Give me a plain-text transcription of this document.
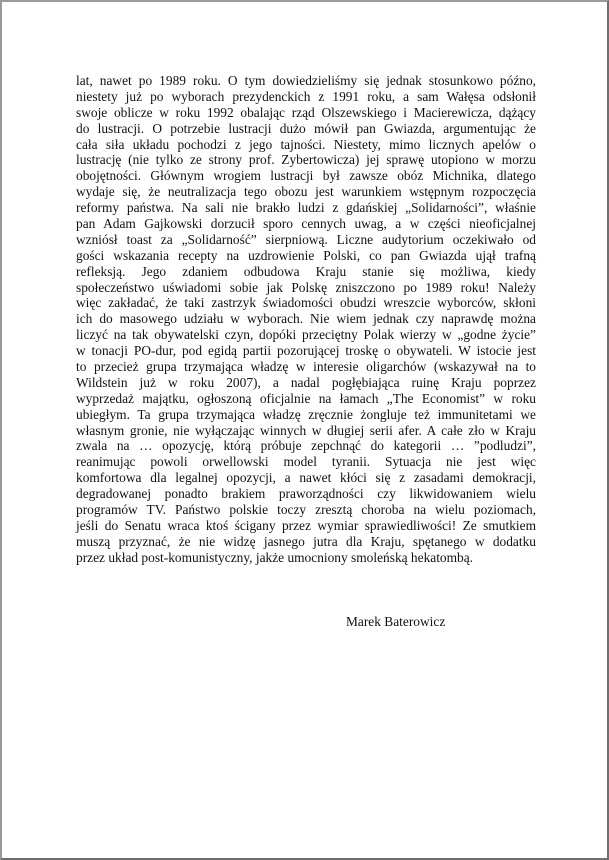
lat, nawet po 1989 roku. O tym dowiedzieliśmy się jednak stosunkowo późno,
niestety już po wyborach prezydenckich z 1991 roku, a sam Wałęsa odsłonił
swoje oblicze w roku 1992 obalając rząd Olszewskiego i Macierewicza, dążący
do lustracji. O potrzebie lustracji dużo mówił pan Gwiazda, argumentując że
cała siła układu pochodzi z jego tajności. Niestety, mimo licznych apelów o
lustrację (nie tylko ze strony prof. Zybertowicza) jej sprawę utopiono w morzu
obojętności. Głównym wrogiem lustracji był zawsze obóz Michnika, dlatego
wydaje się, że neutralizacja tego obozu jest warunkiem wstępnym rozpoczęcia
reformy państwa. Na sali nie brakło ludzi z gdańskiej „Solidarności”, właśnie
pan Adam Gajkowski dorzucił sporo cennych uwag, a w części nieoficjalnej
wzniósł toast za „Solidarność” sierpniową. Liczne audytorium oczekiwało od
gości wskazania recepty na uzdrowienie Polski, co pan Gwiazda ujął trafną
refleksją. Jego zdaniem odbudowa Kraju stanie się możliwa, kiedy
społeczeństwo uświadomi sobie jak Polskę zniszczono po 1989 roku! Należy
więc zakładać, że taki zastrzyk świadomości obudzi wreszcie wyborców, skłoni
ich do masowego udziału w wyborach. Nie wiem jednak czy naprawdę można
liczyć na tak obywatelski czyn, dopóki przeciętny Polak wierzy w „godne życie”
w tonacji PO-dur, pod egidą partii pozorującej troskę o obywateli. W istocie jest
to przecież grupa trzymająca władzę w interesie oligarchów (wskazywał na to
Wildstein już w roku 2007), a nadal pogłębiająca ruinę Kraju poprzez
wyprzedaż majątku, ogłoszoną oficjalnie na łamach „The Economist” w roku
ubiegłym. Ta grupa trzymająca władzę zręcznie żongluje też immunitetami we
własnym gronie, nie wyłączając winnych w długiej serii afer. A całe zło w Kraju
zwala na … opozycję, którą próbuje zepchnąć do kategorii … ”podludzi”,
reanimując powoli orwellowski model tyranii. Sytuacja nie jest więc
komfortowa dla legalnej opozycji, a nawet kłóci się z zasadami demokracji,
degradowanej ponadto brakiem praworządności czy likwidowaniem wielu
programów TV. Państwo polskie toczy zresztą choroba na wielu poziomach,
jeśli do Senatu wraca ktoś ścigany przez wymiar sprawiedliwości! Ze smutkiem
muszą przyznać, że nie widzę jasnego jutra dla Kraju, spętanego w dodatku
przez układ post-komunistyczny, jakże umocniony smoleńską hekatombą.
Marek Baterowicz
